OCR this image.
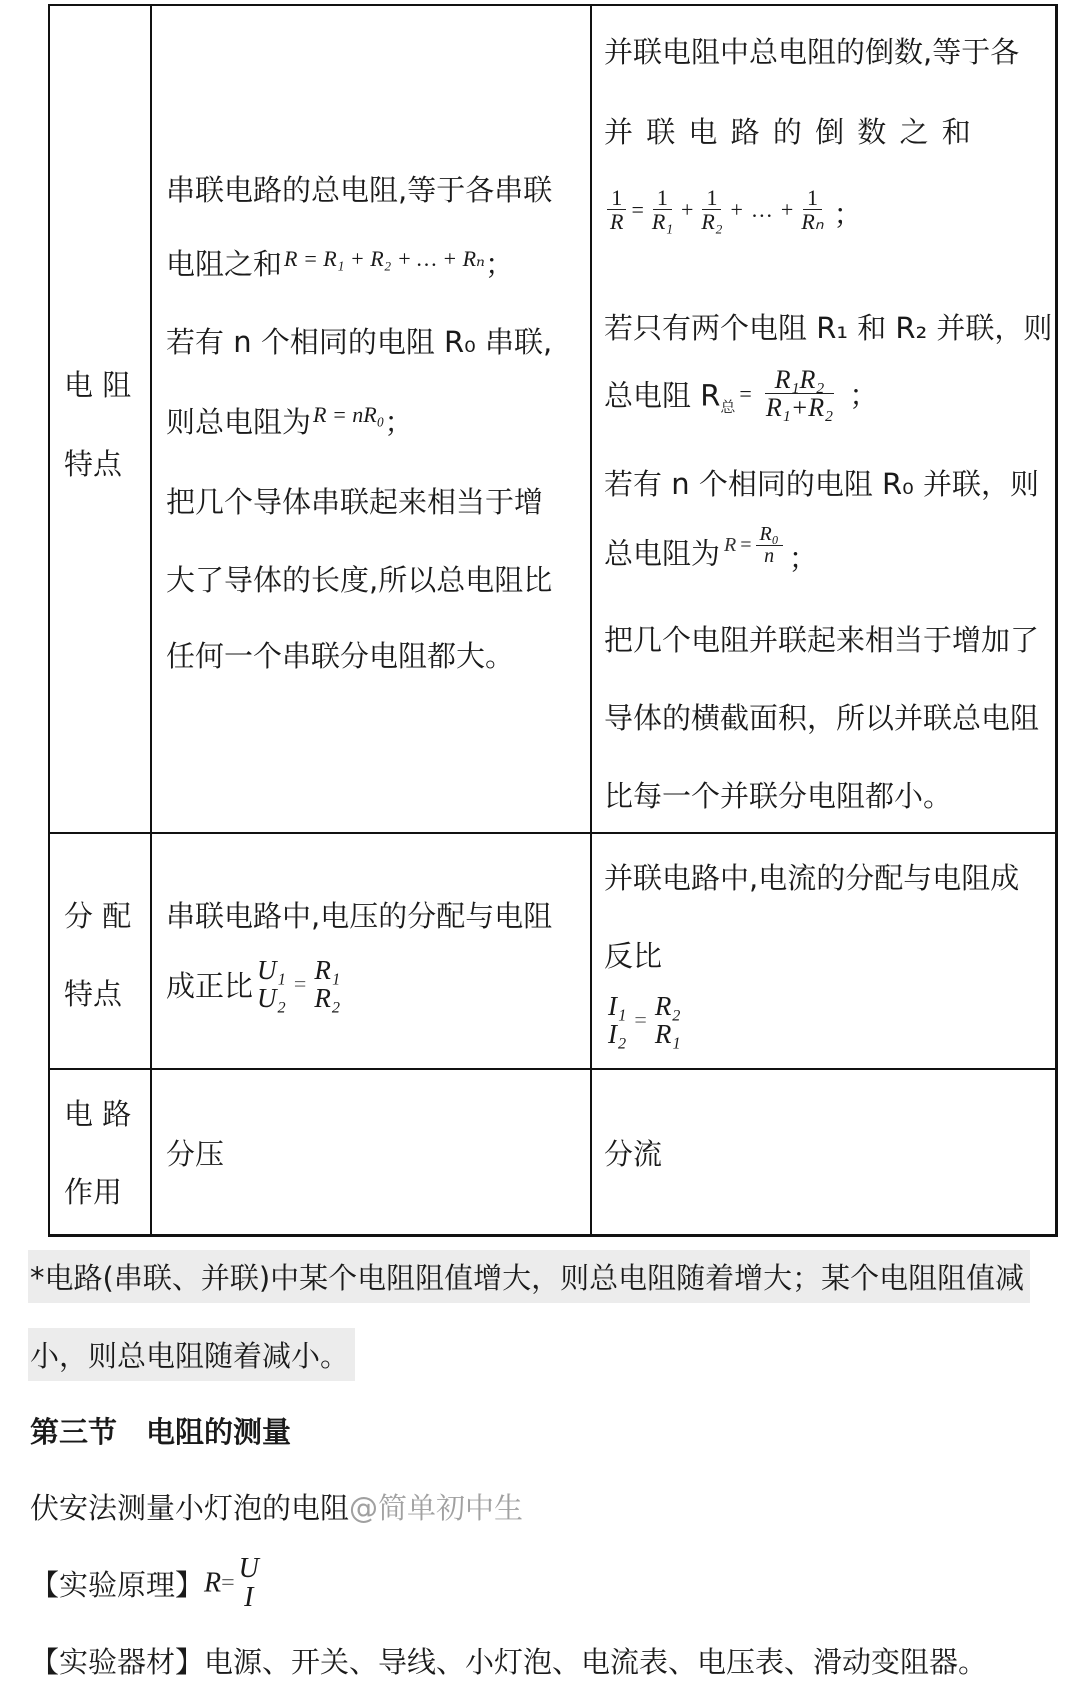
电 阻
特点
串联电路的总电阻,等于各串联
电阻之和$^{R = R_1 + R_2 + \dots + R_n}$；
若有 n 个相同的电阻 R₀ 串联,
则总电阻为$^{R = nR_0}$；
把几个导体串联起来相当于增
大了导体的长度,所以总电阻比
任何一个串联分电阻都大。
并联电阻中总电阻的倒数,等于各
并 联 电 路 的 倒 数 之 和
$\frac{1}{R} = \frac{1}{\text{R₁}} + \frac{1}{\text{R₂}}$ + … + $\frac{1}{\text{Rₙ}}$ ；
若只有两个电阻 R₁ 和 R₂ 并联，则
总电阻 $R_总= \frac{\text{R₁R₂}}{\text{R₁+R₂}}$ ；
若有 n 个相同的电阻 R₀ 并联，则
总电阻为 $R = \frac{\text{R₀}}{n}$ ；
把几个电阻并联起来相当于增加了
导体的横截面积，所以并联总电阻
比每一个并联分电阻都小。
分 配
特点
串联电路中,电压的分配与电阻
成正比 U₁
U₂ = R₁
R₂
并联电路中,电流的分配与电阻成
反比
I₁
I₂ = R₂
R₁
电 路
作用
分压	分流
*电路(串联、并联)中某个电阻阻值增大，则总电阻随着增大；某个电阻阻值减
小，则总电阻随着减小。
第三节　电阻的测量
伏安法测量小灯泡的电阻@简单初中生
【实验原理】R= U
I
【实验器材】电源、开关、导线、小灯泡、电流表、电压表、滑动变阻器。
